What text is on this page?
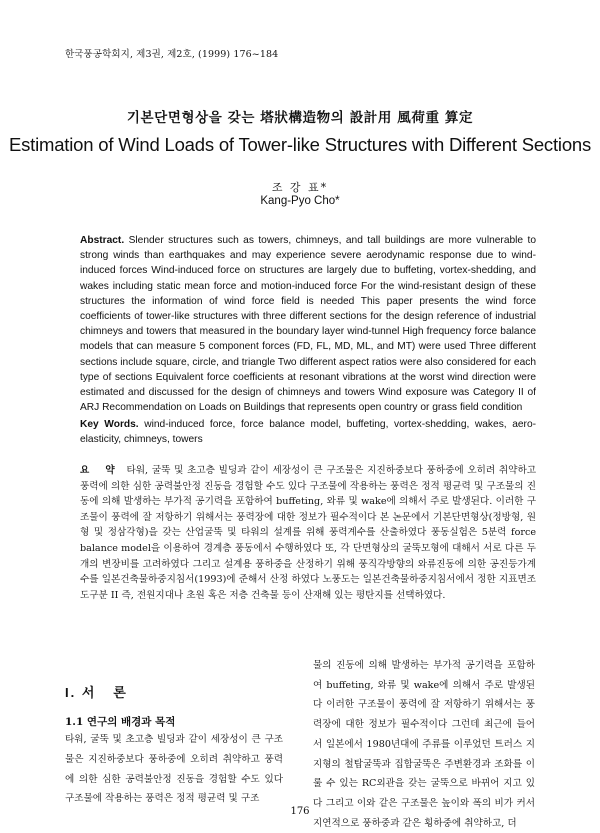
한국풍공학회지, 제3권, 제2호, (1999) 176~184
기본단면형상을 갖는 塔狀構造物의 設計用 風荷重 算定
Estimation of Wind Loads of Tower-like Structures with Different Sections
조 강 표*
Kang-Pyo Cho*
Abstract. Slender structures such as towers, chimneys, and tall buildings are more vulnerable to strong winds than earthquakes and may experience severe aerodynamic response due to wind-induced forces Wind-induced force on structures are largely due to buffeting, vortex-shedding, and wakes including static mean force and motion-induced force For the wind-resistant design of these structures the information of wind force field is needed This paper presents the wind force coefficients of tower-like structures with three different sections for the design reference of industrial chimneys and towers that measured in the boundary layer wind-tunnel High frequency force balance models that can measure 5 component forces (FD, FL, MD, ML, and MT) were used Three different sections include square, circle, and triangle Two different aspect ratios were also considered for each type of sections Equivalent force coefficients at resonant vibrations at the worst wind direction were estimated and discussed for the design of chimneys and towers Wind exposure was Category II of ARJ Recommendation on Loads on Buildings that represents open country or grass field condition
Key Words. wind-induced force, force balance model, buffeting, vortex-shedding, wakes, aero-elasticity, chimneys, towers
요    약 타워, 굴뚝 및 초고층 빌딩과 같이 세장성이 큰 구조물은 지진하중보다 풍하중에 오히려 취약하고 풍력에 의한 심한 공력불안정 진동을 경험할 수도 있다 구조물에 작용하는 풍력은 정적 평균력 및 구조물의 진동에 의해 발생하는 부가적 공기력을 포함하여 buffeting, 와류 및 wake에 의해서 주로 발생된다. 이러한 구조물이 풍력에 잘 저항하기 위해서는 풍력장에 대한 정보가 필수적이다 본 논문에서 기본단면형상(정방형, 원형 및 정삼각형)을 갖는 산업굴뚝 및 타워의 설계를 위해 풍력계수를 산출하였다 풍동실험은 5분력 force balance model을 이용하여 경계층 풍동에서 수행하였다 또, 각 단면형상의 굴뚝모형에 대해서 서로 다른 두 개의 변장비를 고려하였다 그리고 설계용 풍하중을 산정하기 위해 풍직각방향의 와류진동에 의한 공진등가계수를 일본건축물하중지침서(1993)에 준해서 산정 하였다 노풍도는 일본건축물하중지침서에서 정한 지표면조도구분 II 즉, 전원지대나 초원 혹은 저층 건축물 등이 산재해 있는 평탄지를 선택하였다.
I. 서   론
1.1 연구의 배경과 목적
타워, 굴뚝 및 초고층 빌딩과 같이 세장성이 큰 구조물은 지진하중보다 풍하중에 오히려 취약하고 풍력에 의한 심한 공력불안정 진동을 경험할 수도 있다 구조물에 작용하는 풍력은 정적 평균력 및 구조
물의 진동에 의해 발생하는 부가적 공기력을 포함하여 buffeting, 와류 및 wake에 의해서 주로 발생된다 이러한 구조물이 풍력에 잘 저항하기 위해서는 풍력장에 대한 정보가 필수적이다 그런데 최근에 들어서 일본에서 1980년대에 주류를 이루었던 트러스 지지형의 철탑굴뚝과 집합굴뚝은 주변환경과 조화를 이룰 수 있는 RC외관을 갖는 굴뚝으로 바뀌어 지고 있다 그리고 이와 같은 구조물은 높이와 폭의 비가 커서 지연적으로 풍하중과 같은 횡하중에 취약하고, 더
176
